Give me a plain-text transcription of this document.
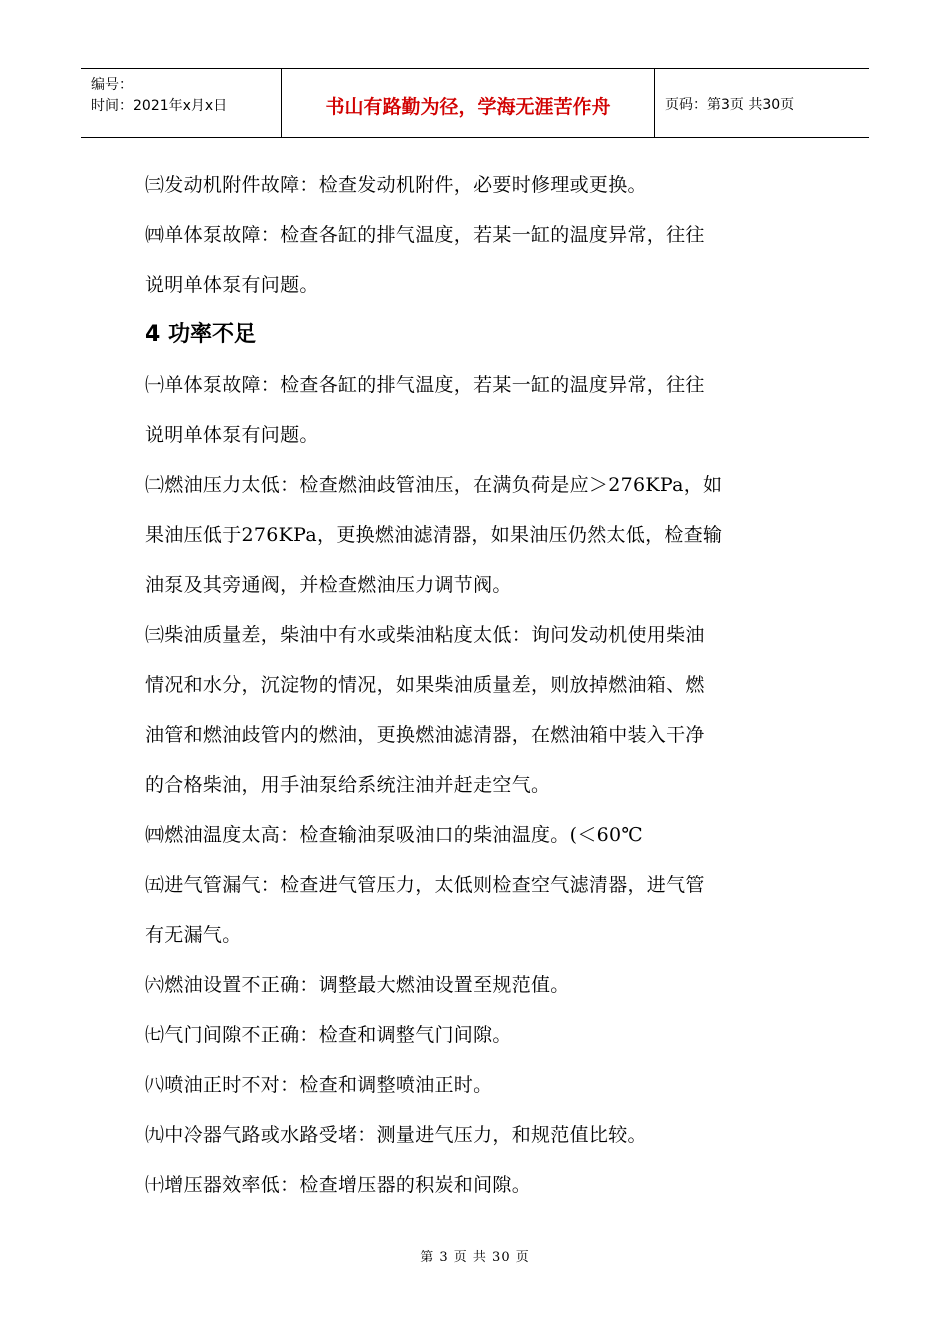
编号：
时间：2021年x月x日	书山有路勤为径，学海无涯苦作舟	页码：第3页 共30页

㈢发动机附件故障：检查发动机附件，必要时修理或更换。

㈣单体泵故障：检查各缸的排气温度，若某一缸的温度异常，往往

说明单体泵有问题。

4 功率不足

㈠单体泵故障：检查各缸的排气温度，若某一缸的温度异常，往往

说明单体泵有问题。

㈡燃油压力太低：检查燃油歧管油压，在满负荷是应＞276KPa，如

果油压低于276KPa，更换燃油滤清器，如果油压仍然太低，检查输

油泵及其旁通阀，并检查燃油压力调节阀。

㈢柴油质量差，柴油中有水或柴油粘度太低：询问发动机使用柴油

情况和水分，沉淀物的情况，如果柴油质量差，则放掉燃油箱、燃

油管和燃油歧管内的燃油，更换燃油滤清器，在燃油箱中装入干净

的合格柴油，用手油泵给系统注油并赶走空气。

㈣燃油温度太高：检查输油泵吸油口的柴油温度。(＜60℃

㈤进气管漏气：检查进气管压力，太低则检查空气滤清器，进气管

有无漏气。

㈥燃油设置不正确：调整最大燃油设置至规范值。

㈦气门间隙不正确：检查和调整气门间隙。

㈧喷油正时不对：检查和调整喷油正时。

㈨中冷器气路或水路受堵：测量进气压力，和规范值比较。

㈩增压器效率低：检查增压器的积炭和间隙。

第 3 页 共 30 页
